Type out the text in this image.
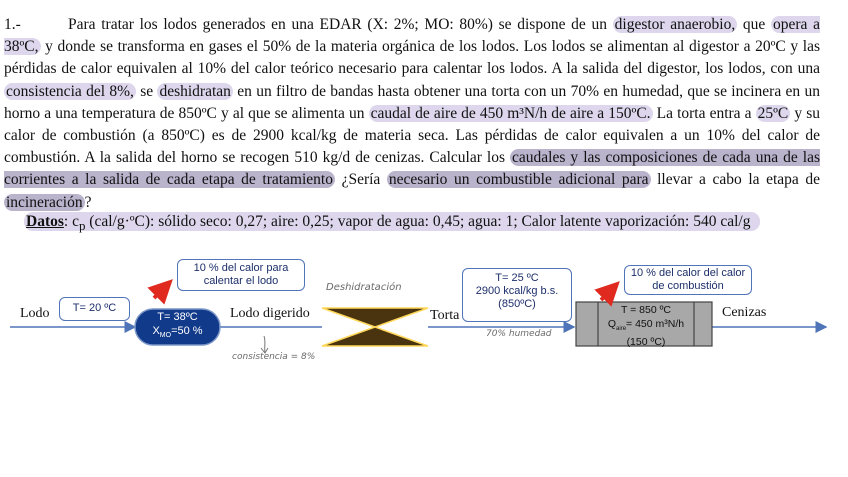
1.-	Para tratar los lodos generados en una EDAR (X: 2%; MO: 80%) se dispone de un digestor anaerobio, que opera a 38ºC, y donde se transforma en gases el 50% de la materia orgánica de los lodos. Los lodos se alimentan al digestor a 20ºC y las pérdidas de calor equivalen al 10% del calor teórico necesario para calentar los lodos. A la salida del digestor, los lodos, con una consistencia del 8%, se deshidratan en un filtro de bandas hasta obtener una torta con un 70% en humedad, que se incinera en un horno a una temperatura de 850ºC y al que se alimenta un caudal de aire de 450 m³N/h de aire a 150ºC. La torta entra a 25ºC y su calor de combustión (a 850ºC) es de 2900 kcal/kg de materia seca. Las pérdidas de calor equivalen a un 10% del calor de combustión. A la salida del horno se recogen 510 kg/d de cenizas. Calcular los caudales y las composiciones de cada una de las corrientes a la salida de cada etapa de tratamiento ¿Sería necesario un combustible adicional para llevar a cabo la etapa de incineración ?
Datos: $c_p$ (cal/g·ºC): sólido seco: 0,27; aire: 0,25; vapor de agua: 0,45; agua: 1; Calor latente vaporización: 540 cal/g
Lodo	T= 20 ºC
T= 38ºC
$X_{MO}=50$ %
10 % del calor para calentar el lodo
Lodo digerido
Deshidratación
consistencia = 8%
Torta
T= 25 ºC
2900 kcal/kg b.s.
(850ºC)
70% humedad
10 % del calor del calor de combustión
T = 850 ºC
$Q_{aire}= 450$ m³N/h
(150 ºC)
Cenizas
